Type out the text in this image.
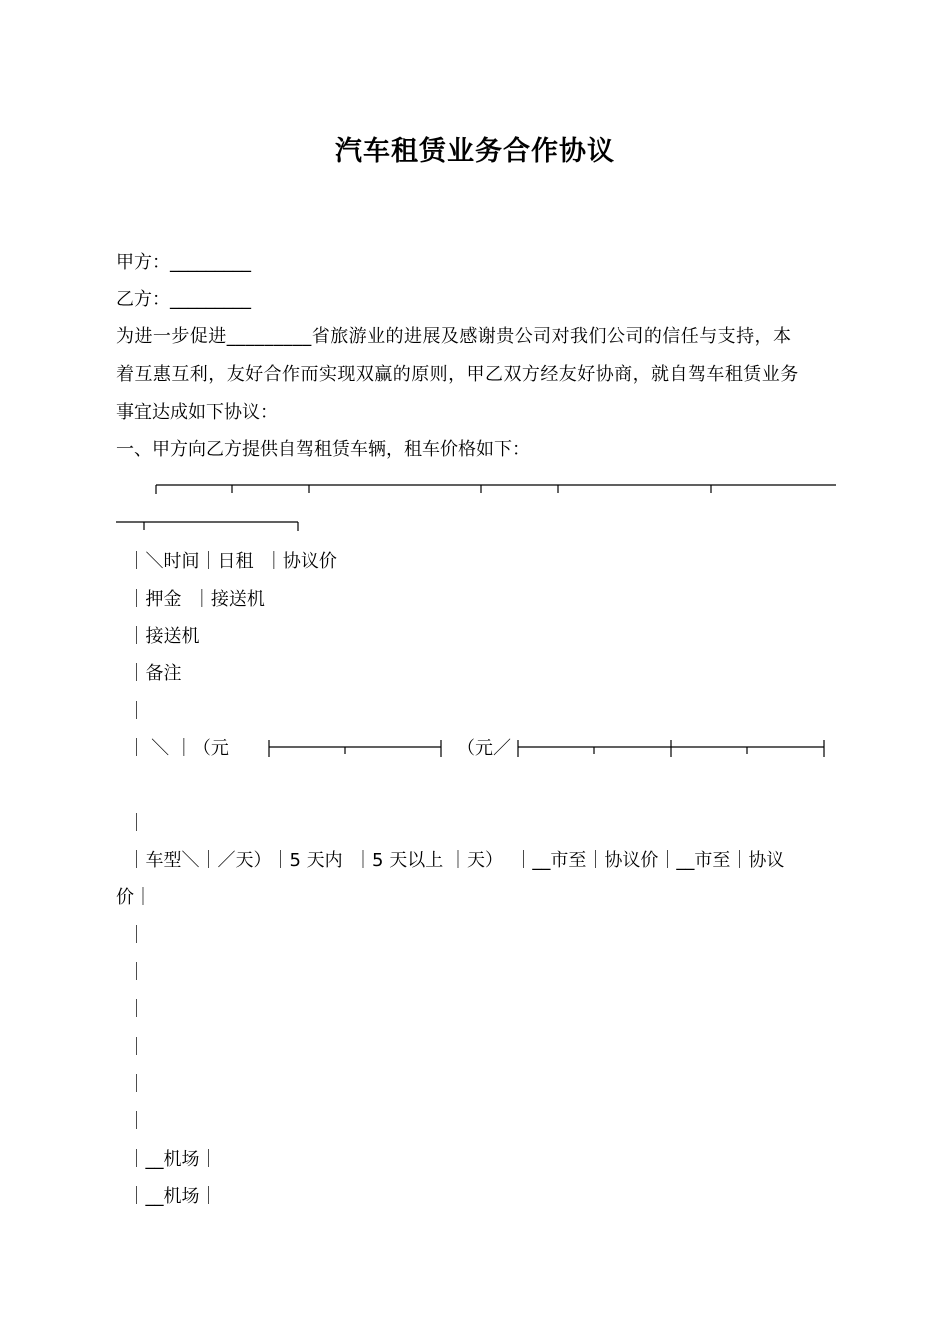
汽车租赁业务合作协议
甲方：_________
乙方：_________
为进一步促进_________省旅游业的进展及感谢贵公司对我们公司的信任与支持，本
着互惠互利，友好合作而实现双赢的原则，甲乙双方经友好协商，就自驾车租赁业务
事宜达成如下协议：
一、甲方向乙方提供自驾租赁车辆，租车价格如下：
｜＼时间｜日租  ｜协议价
｜押金  ｜接送机
｜接送机
｜备注
｜
｜ ＼ ｜（元	（元／
｜
｜车型＼｜／天）｜5 天内  ｜5 天以上 ｜天）  ｜__市至｜协议价｜__市至｜协议
价｜
｜
｜
｜
｜
｜
｜
｜__机场｜
｜__机场｜
